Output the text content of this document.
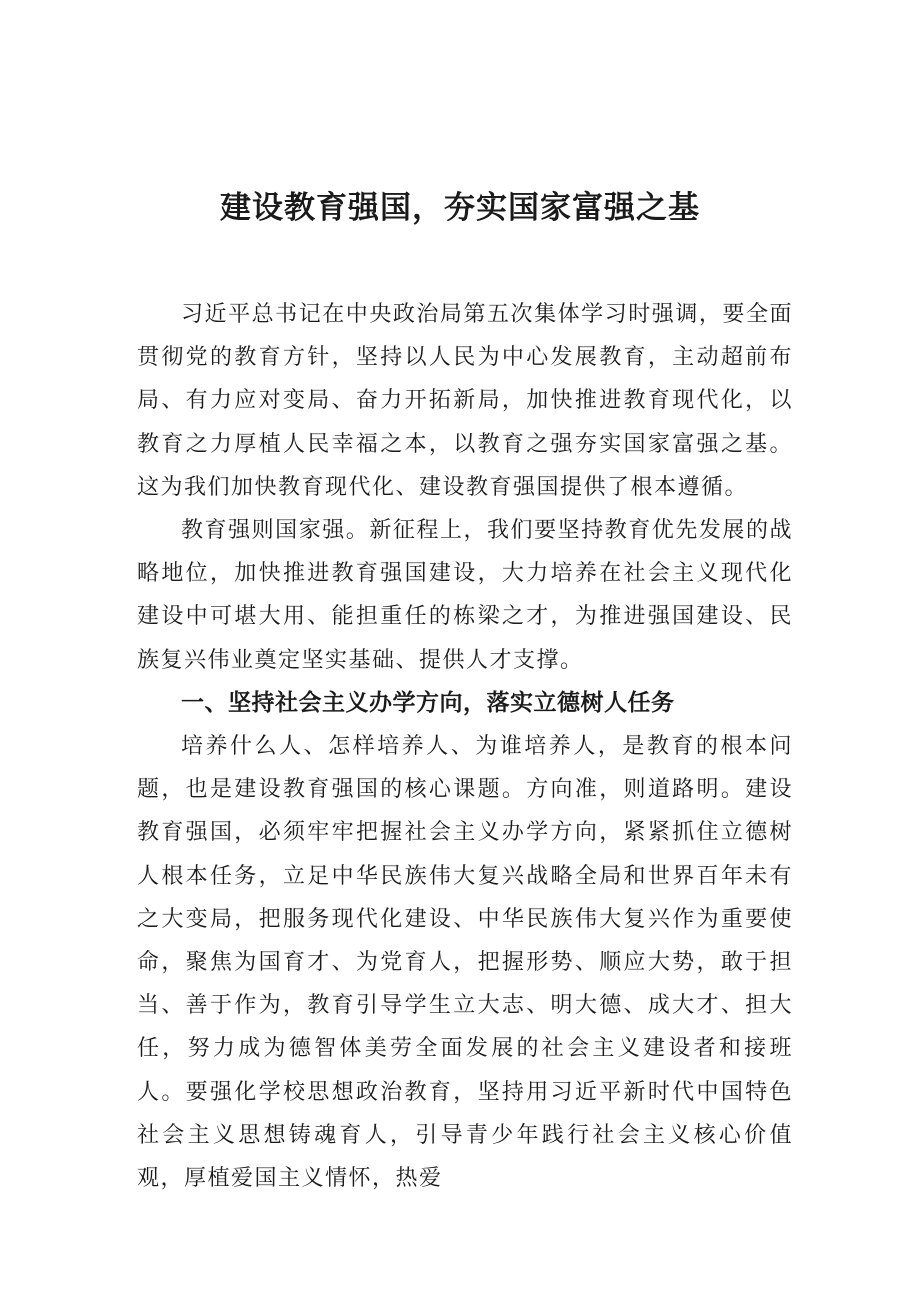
建设教育强国，夯实国家富强之基

习近平总书记在中央政治局第五次集体学习时强调，要全面贯彻党的教育方针，坚持以人民为中心发展教育，主动超前布局、有力应对变局、奋力开拓新局，加快推进教育现代化，以教育之力厚植人民幸福之本，以教育之强夯实国家富强之基。这为我们加快教育现代化、建设教育强国提供了根本遵循。

教育强则国家强。新征程上，我们要坚持教育优先发展的战略地位，加快推进教育强国建设，大力培养在社会主义现代化建设中可堪大用、能担重任的栋梁之才，为推进强国建设、民族复兴伟业奠定坚实基础、提供人才支撑。

一、坚持社会主义办学方向，落实立德树人任务

培养什么人、怎样培养人、为谁培养人，是教育的根本问题，也是建设教育强国的核心课题。方向准，则道路明。建设教育强国，必须牢牢把握社会主义办学方向，紧紧抓住立德树人根本任务，立足中华民族伟大复兴战略全局和世界百年未有之大变局，把服务现代化建设、中华民族伟大复兴作为重要使命，聚焦为国育才、为党育人，把握形势、顺应大势，敢于担当、善于作为，教育引导学生立大志、明大德、成大才、担大任，努力成为德智体美劳全面发展的社会主义建设者和接班人。要强化学校思想政治教育，坚持用习近平新时代中国特色社会主义思想铸魂育人，引导青少年践行社会主义核心价值观，厚植爱国主义情怀，热爱
